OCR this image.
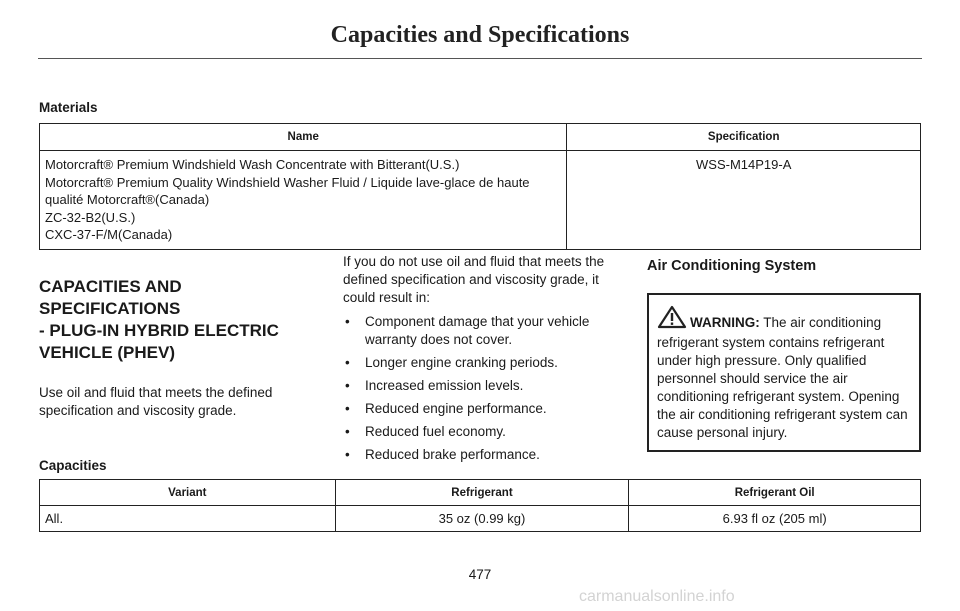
Capacities and Specifications
Materials
Name	Specification

Motorcraft® Premium Windshield Wash Concentrate with Bitterant(U.S.)
Motorcraft® Premium Quality Windshield Washer Fluid / Liquide lave-glace de haute
qualité Motorcraft®(Canada)
ZC-32-B2(U.S.)
CXC-37-F/M(Canada)	WSS-M14P19-A
CAPACITIES AND SPECIFICATIONS
- PLUG-IN HYBRID ELECTRIC
VEHICLE (PHEV)

Use oil and fluid that meets the defined specification and viscosity grade.

If you do not use oil and fluid that meets the defined specification and viscosity grade, it could result in:

• Component damage that your vehicle warranty does not cover.
• Longer engine cranking periods.
• Increased emission levels.
• Reduced engine performance.
• Reduced fuel economy.
• Reduced brake performance.
Air Conditioning System
WARNING: The air conditioning refrigerant system contains refrigerant under high pressure. Only qualified personnel should service the air conditioning refrigerant system. Opening the air conditioning refrigerant system can cause personal injury.
Capacities
Variant	Refrigerant	Refrigerant Oil
All.	35 oz (0.99 kg)	6.93 fl oz (205 ml)
477
carmanualsonline.info
